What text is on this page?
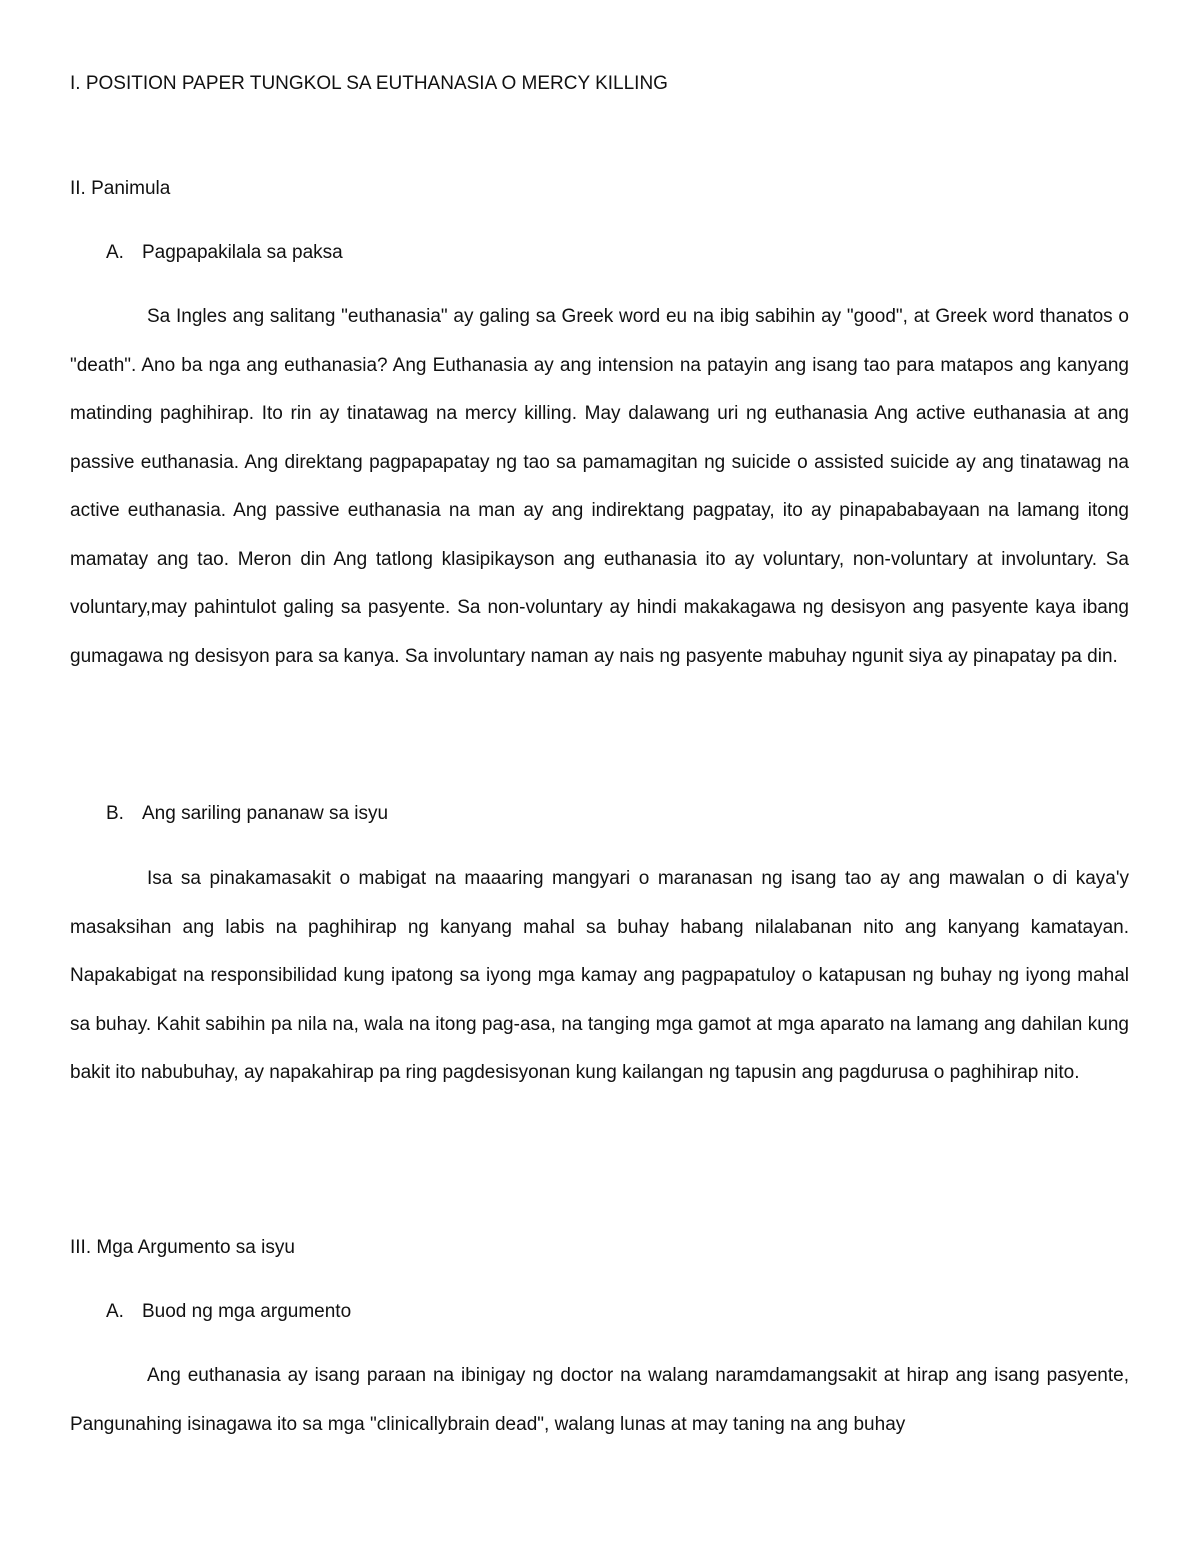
I. POSITION PAPER TUNGKOL SA EUTHANASIA O MERCY KILLING
II. Panimula
A. Pagpapakilala sa paksa

Sa Ingles ang salitang "euthanasia" ay galing sa Greek word eu na ibig sabihin ay "good", at Greek word thanatos o "death". Ano ba nga ang euthanasia? Ang Euthanasia ay ang intension na patayin ang isang tao para matapos ang kanyang matinding paghihirap. Ito rin ay tinatawag na mercy killing. May dalawang uri ng euthanasia Ang active euthanasia at ang passive euthanasia. Ang direktang pagpapapatay ng tao sa pamamagitan ng suicide o assisted suicide ay ang tinatawag na active euthanasia. Ang passive euthanasia na man ay ang indirektang pagpatay, ito ay pinapababayaan na lamang itong mamatay ang tao. Meron din Ang tatlong klasipikayson ang euthanasia ito ay voluntary, non-voluntary at involuntary. Sa voluntary,may pahintulot galing sa pasyente. Sa non-voluntary ay hindi makakagawa ng desisyon ang pasyente kaya ibang gumagawa ng desisyon para sa kanya. Sa involuntary naman ay nais ng pasyente mabuhay ngunit siya ay pinapatay pa din.

B. Ang sariling pananaw sa isyu

Isa sa pinakamasakit o mabigat na maaaring mangyari o maranasan ng isang tao ay ang mawalan o di kaya'y masaksihan ang labis na paghihirap ng kanyang mahal sa buhay habang nilalabanan nito ang kanyang kamatayan. Napakabigat na responsibilidad kung ipatong sa iyong mga kamay ang pagpapatuloy o katapusan ng buhay ng iyong mahal sa buhay. Kahit sabihin pa nila na, wala na itong pag-asa, na tanging mga gamot at mga aparato na lamang ang dahilan kung bakit ito nabubuhay, ay napakahirap pa ring pagdesisyonan kung kailangan ng tapusin ang pagdurusa o paghihirap nito.

III. Mga Argumento sa isyu
A. Buod ng mga argumento

Ang euthanasia ay isang paraan na ibinigay ng doctor na walang naramdamangsakit at hirap ang isang pasyente, Pangunahing isinagawa ito sa mga "clinicallybrain dead", walang lunas at may taning na ang buhay
